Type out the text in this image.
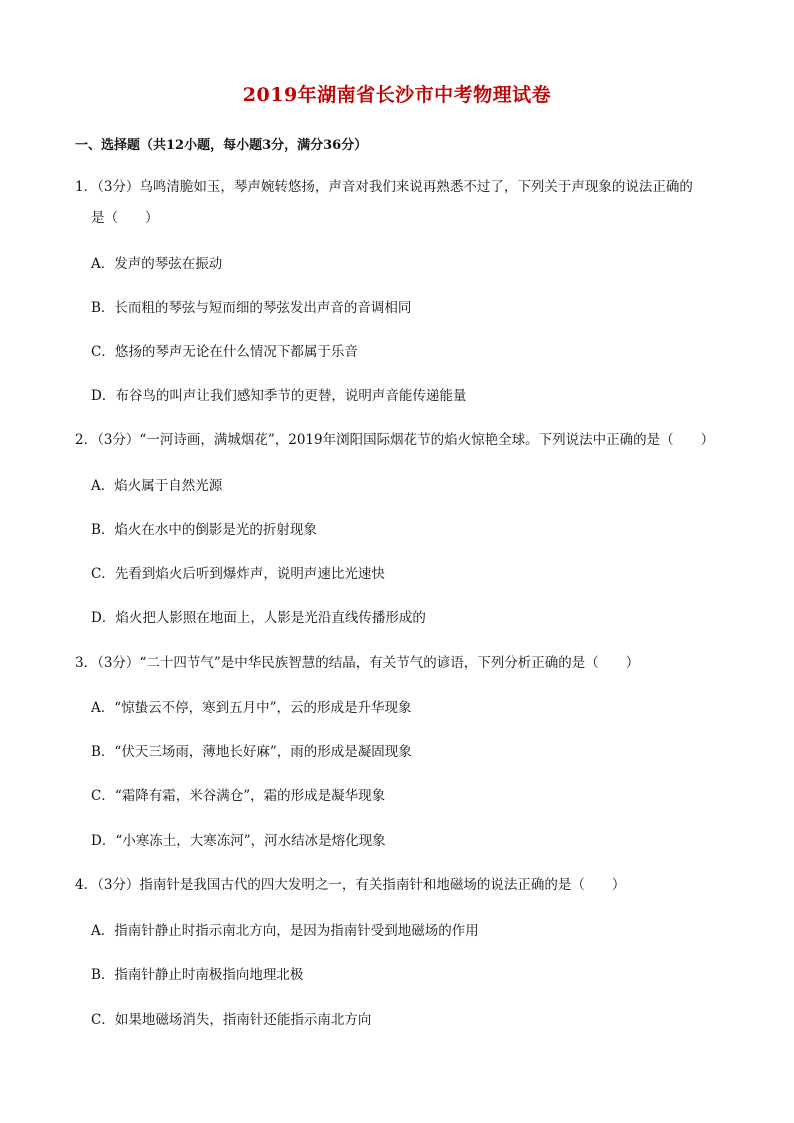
2019年湖南省长沙市中考物理试卷
一、选择题（共12小题，每小题3分，满分36分）
1．（3分）乌鸣清脆如玉，琴声婉转悠扬，声音对我们来说再熟悉不过了，下列关于声现象的说法正确的
是（　　）
A．发声的琴弦在振动
B．长而粗的琴弦与短而细的琴弦发出声音的音调相同
C．悠扬的琴声无论在什么情况下都属于乐音
D．布谷鸟的叫声让我们感知季节的更替，说明声音能传递能量
2．（3分）“一河诗画，满城烟花”，2019年浏阳国际烟花节的焰火惊艳全球。下列说法中正确的是（　　）
A．焰火属于自然光源
B．焰火在水中的倒影是光的折射现象
C．先看到焰火后听到爆炸声，说明声速比光速快
D．焰火把人影照在地面上，人影是光沿直线传播形成的
3．（3分）“二十四节气”是中华民族智慧的结晶，有关节气的谚语，下列分析正确的是（　　）
A．“惊蛰云不停，寒到五月中”，云的形成是升华现象
B．“伏天三场雨，薄地长好麻”，雨的形成是凝固现象
C．“霜降有霜，米谷满仓”，霜的形成是凝华现象
D．“小寒冻土，大寒冻河”，河水结冰是熔化现象
4．（3分）指南针是我国古代的四大发明之一，有关指南针和地磁场的说法正确的是（　　）
A．指南针静止时指示南北方向，是因为指南针受到地磁场的作用
B．指南针静止时南极指向地理北极
C．如果地磁场消失，指南针还能指示南北方向
